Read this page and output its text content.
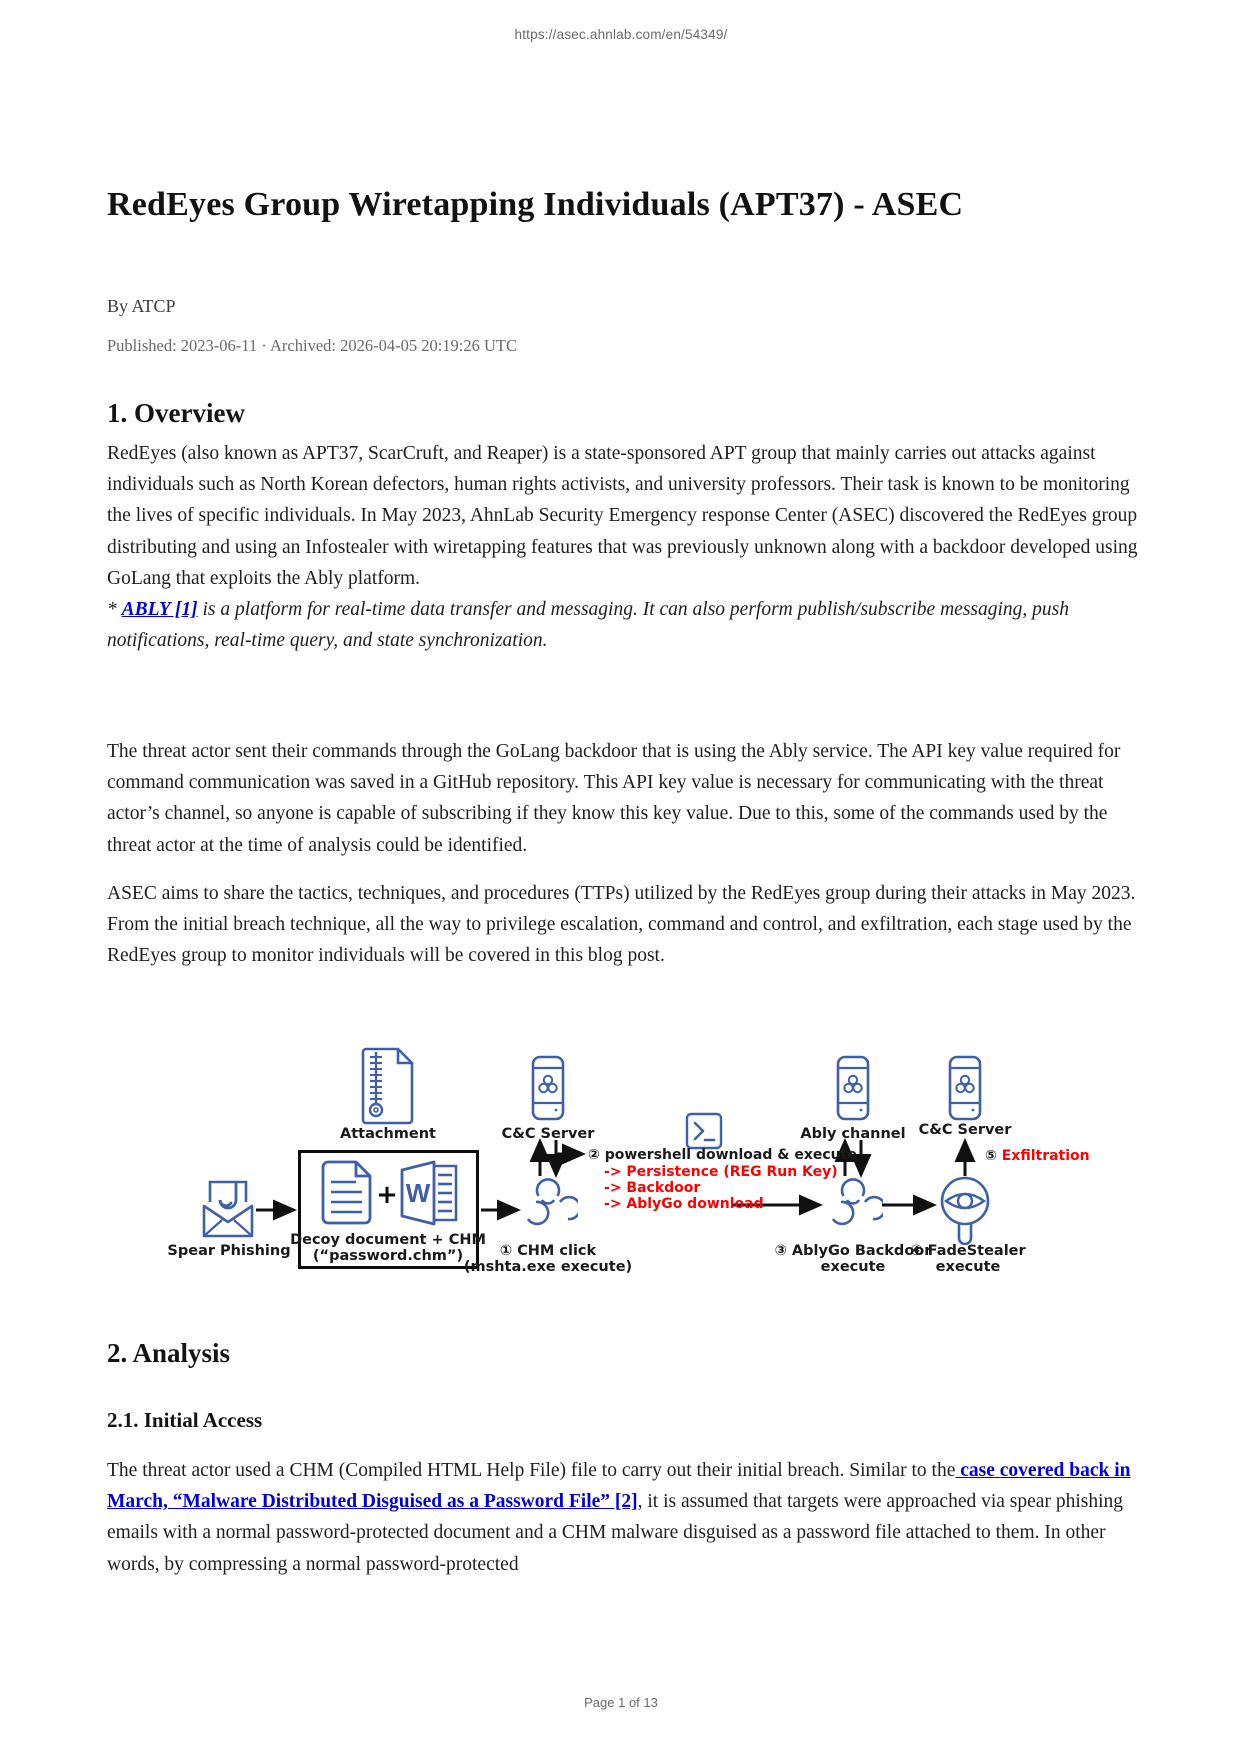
https://asec.ahnlab.com/en/54349/
RedEyes Group Wiretapping Individuals (APT37) - ASEC
By ATCP
Published: 2023-06-11 · Archived: 2026-04-05 20:19:26 UTC
1. Overview

RedEyes (also known as APT37, ScarCruft, and Reaper) is a state-sponsored APT group that mainly carries out attacks against individuals such as North Korean defectors, human rights activists, and university professors. Their task is known to be monitoring the lives of specific individuals. In May 2023, AhnLab Security Emergency response Center (ASEC) discovered the RedEyes group distributing and using an Infostealer with wiretapping features that was previously unknown along with a backdoor developed using GoLang that exploits the Ably platform.
* ABLY [1] is a platform for real-time data transfer and messaging. It can also perform publish/subscribe messaging, push notifications, real-time query, and state synchronization.

The threat actor sent their commands through the GoLang backdoor that is using the Ably service. The API key value required for command communication was saved in a GitHub repository. This API key value is necessary for communicating with the threat actor’s channel, so anyone is capable of subscribing if they know this key value. Due to this, some of the commands used by the threat actor at the time of analysis could be identified.

ASEC aims to share the tactics, techniques, and procedures (TTPs) utilized by the RedEyes group during their attacks in May 2023. From the initial breach technique, all the way to privilege escalation, command and control, and exfiltration, each stage used by the RedEyes group to monitor individuals will be covered in this blog post.

Attachment
Spear Phishing
+ W
Decoy document + CHM
(“password.chm”)
C&C Server
① CHM click
(mshta.exe execute)
② powershell download & execute
-> Persistence (REG Run Key)
-> Backdoor
-> AblyGo download
Ably channel
③ AblyGo Backdoor
execute
C&C Server
⑤ Exfiltration
④ FadeStealer
execute
2. Analysis
2.1. Initial Access

The threat actor used a CHM (Compiled HTML Help File) file to carry out their initial breach. Similar to the case covered back in March, “Malware Distributed Disguised as a Password File” [2], it is assumed that targets were approached via spear phishing emails with a normal password-protected document and a CHM malware disguised as a password file attached to them. In other words, by compressing a normal password-protected

Page 1 of 13
